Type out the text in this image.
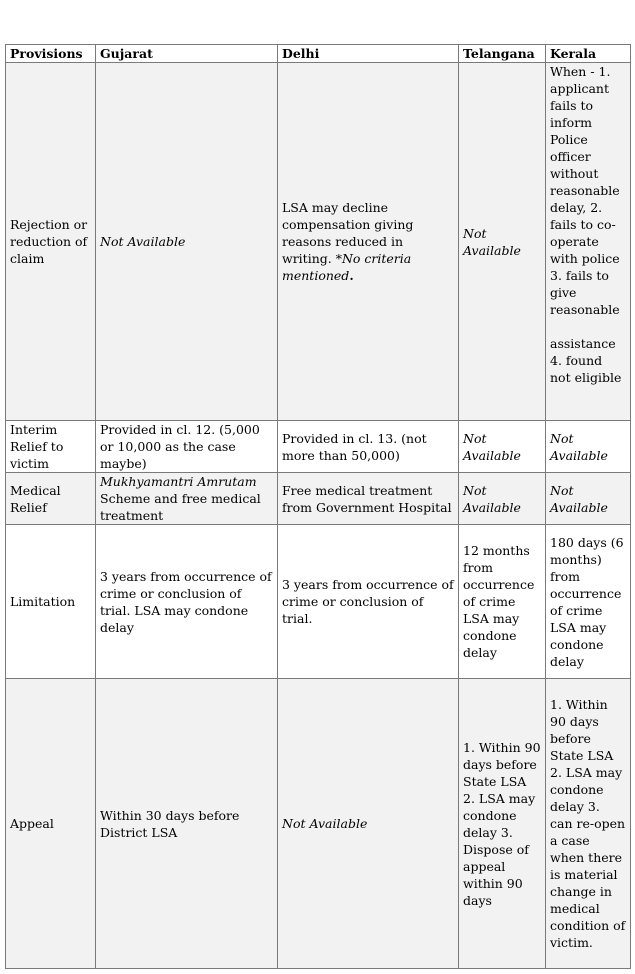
Provisions	Gujarat	Delhi	Telangana	Kerala
Rejection or reduction of claim	Not Available	LSA may decline compensation giving reasons reduced in writing. *No criteria mentioned.	Not Available	When - 1. applicant fails to inform Police officer without reasonable delay, 2. fails to co-operate with police 3. fails to give reasonable

assistance 4. found not eligible
Interim Relief to victim	Provided in cl. 12. (5,000 or 10,000 as the case maybe)	Provided in cl. 13. (not more than 50,000)	Not Available	Not Available
Medical Relief	Mukhyamantri Amrutam Scheme and free medical treatment	Free medical treatment from Government Hospital	Not Available	Not Available
Limitation	3 years from occurrence of crime or conclusion of trial. LSA may condone delay	3 years from occurrence of crime or conclusion of trial.	12 months from occurrence of crime LSA may condone delay	180 days (6 months) from occurrence of crime LSA may condone delay
Appeal	Within 30 days before District LSA	Not Available	1. Within 90 days before State LSA 2. LSA may condone delay 3. Dispose of appeal within 90 days	1. Within 90 days before State LSA 2. LSA may condone delay 3. can re-open a case when there is material change in medical condition of victim.
